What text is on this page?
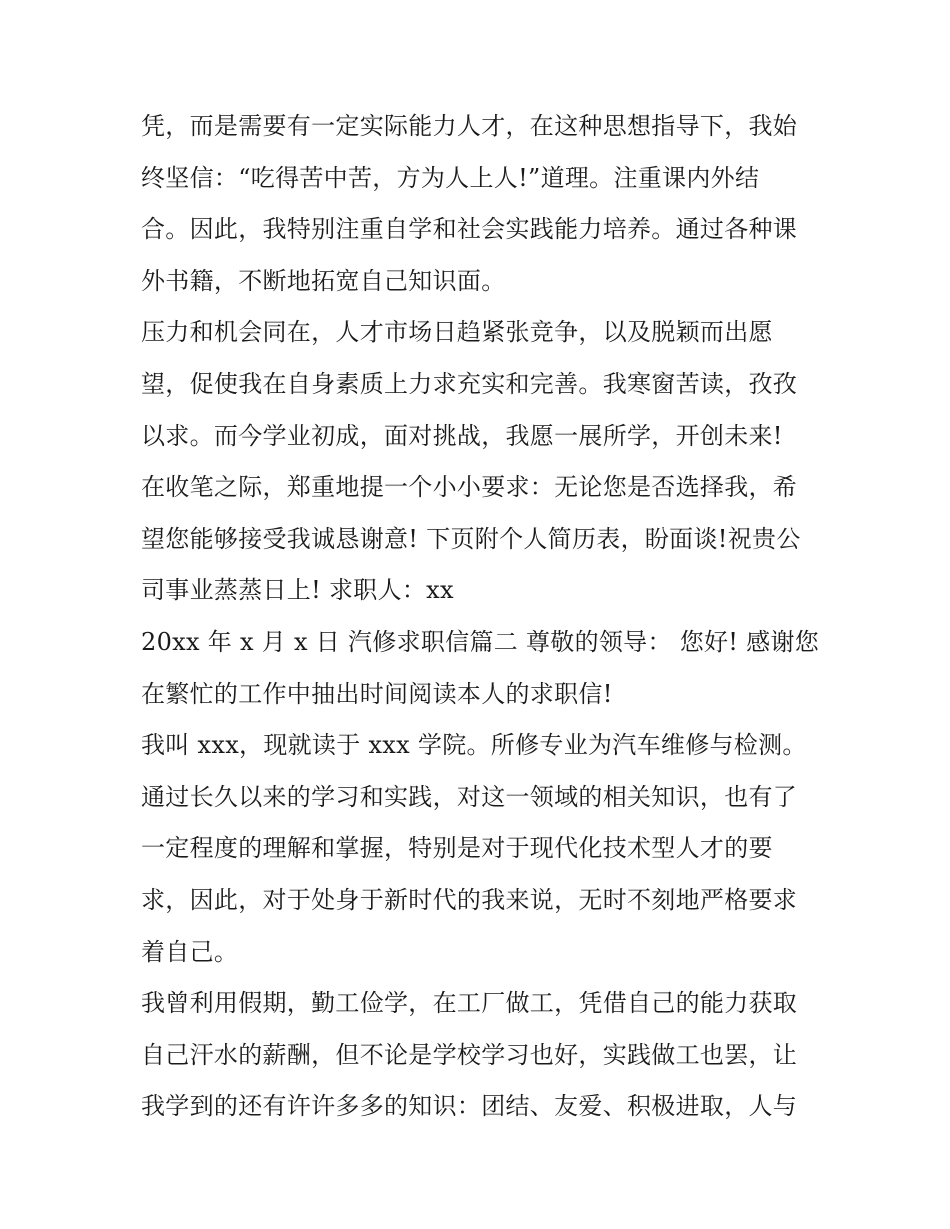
凭，而是需要有一定实际能力人才，在这种思想指导下，我始
终坚信：“吃得苦中苦，方为人上人!”道理。注重课内外结
合。因此，我特别注重自学和社会实践能力培养。通过各种课
外书籍，不断地拓宽自己知识面。
压力和机会同在，人才市场日趋紧张竞争，以及脱颖而出愿
望，促使我在自身素质上力求充实和完善。我寒窗苦读，孜孜
以求。而今学业初成，面对挑战，我愿一展所学，开创未来!
在收笔之际，郑重地提一个小小要求：无论您是否选择我，希
望您能够接受我诚恳谢意! 下页附个人简历表，盼面谈!祝贵公
司事业蒸蒸日上! 求职人：xx
20xx 年 x 月 x 日 汽修求职信篇二 尊敬的领导： 您好! 感谢您
在繁忙的工作中抽出时间阅读本人的求职信!
我叫 xxx，现就读于 xxx 学院。所修专业为汽车维修与检测。
通过长久以来的学习和实践，对这一领域的相关知识，也有了
一定程度的理解和掌握，特别是对于现代化技术型人才的要
求，因此，对于处身于新时代的我来说，无时不刻地严格要求
着自己。
我曾利用假期，勤工俭学，在工厂做工，凭借自己的能力获取
自己汗水的薪酬，但不论是学校学习也好，实践做工也罢，让
我学到的还有许许多多的知识：团结、友爱、积极进取，人与
